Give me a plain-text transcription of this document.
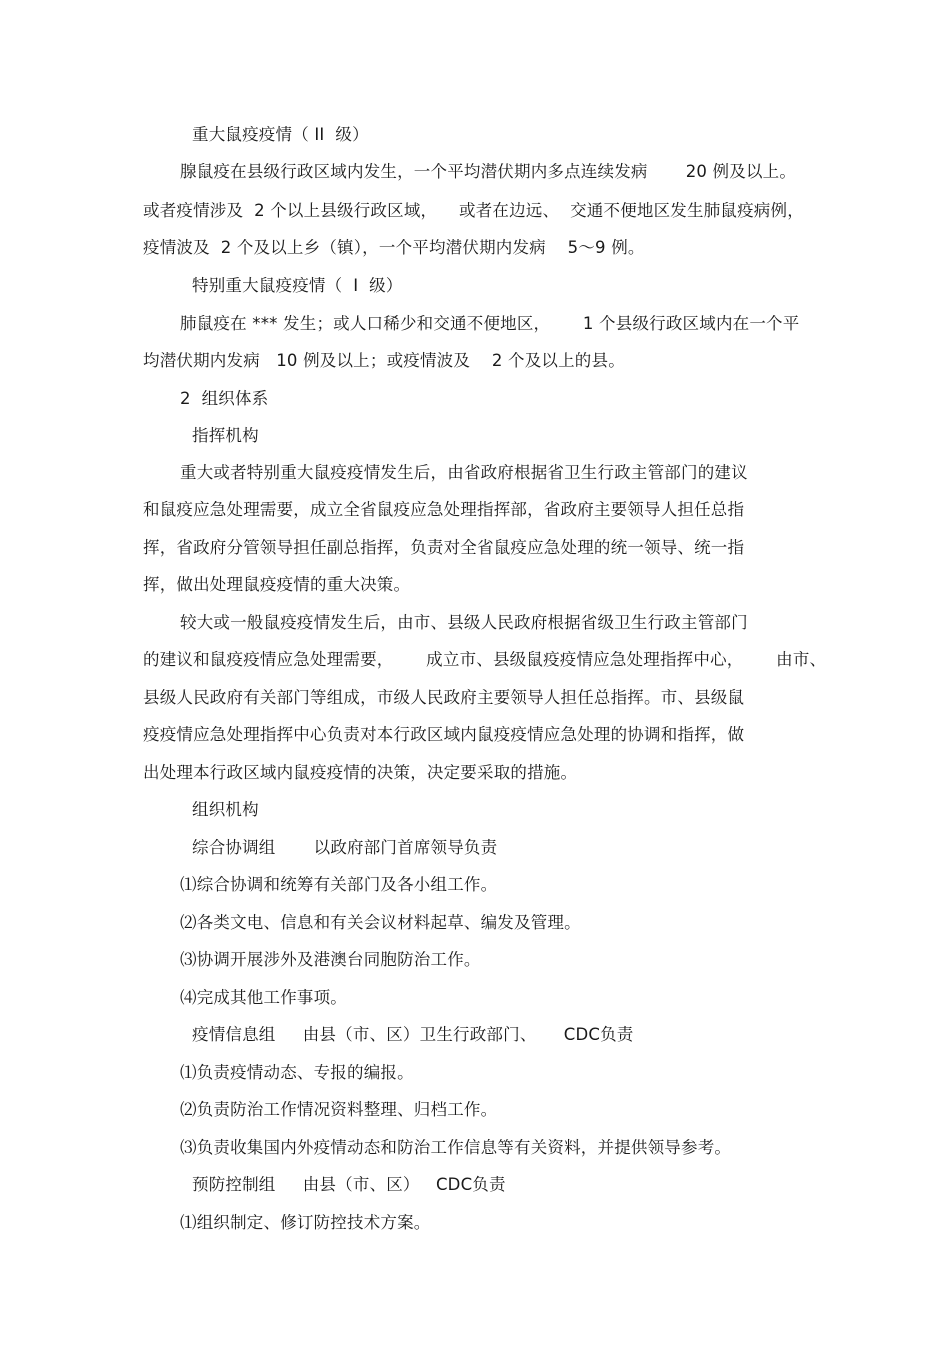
重大鼠疫疫情（ II  级）
腺鼠疫在县级行政区域内发生，一个平均潜伏期内多点连续发病       20 例及以上。
或者疫情涉及  2 个以上县级行政区域，    或者在边远、  交通不便地区发生肺鼠疫病例，
疫情波及  2 个及以上乡（镇），一个平均潜伏期内发病    5～9 例。
特别重大鼠疫疫情（  I  级）
肺鼠疫在 *** 发生；或人口稀少和交通不便地区，      1 个县级行政区域内在一个平
均潜伏期内发病   10 例及以上；或疫情波及    2 个及以上的县。
2  组织体系
指挥机构
重大或者特别重大鼠疫疫情发生后，由省政府根据省卫生行政主管部门的建议
和鼠疫应急处理需要，成立全省鼠疫应急处理指挥部，省政府主要领导人担任总指
挥，省政府分管领导担任副总指挥，负责对全省鼠疫应急处理的统一领导、统一指
挥，做出处理鼠疫疫情的重大决策。
较大或一般鼠疫疫情发生后，由市、县级人民政府根据省级卫生行政主管部门
的建议和鼠疫疫情应急处理需要，      成立市、县级鼠疫疫情应急处理指挥中心，      由市、
县级人民政府有关部门等组成，市级人民政府主要领导人担任总指挥。市、县级鼠
疫疫情应急处理指挥中心负责对本行政区域内鼠疫疫情应急处理的协调和指挥，做
出处理本行政区域内鼠疫疫情的决策，决定要采取的措施。
组织机构
综合协调组       以政府部门首席领导负责
⑴综合协调和统筹有关部门及各小组工作。
⑵各类文电、信息和有关会议材料起草、编发及管理。
⑶协调开展涉外及港澳台同胞防治工作。
⑷完成其他工作事项。
疫情信息组     由县（市、区）卫生行政部门、     CDC负责
⑴负责疫情动态、专报的编报。
⑵负责防治工作情况资料整理、归档工作。
⑶负责收集国内外疫情动态和防治工作信息等有关资料，并提供领导参考。
预防控制组     由县（市、区）   CDC负责
⑴组织制定、修订防控技术方案。
